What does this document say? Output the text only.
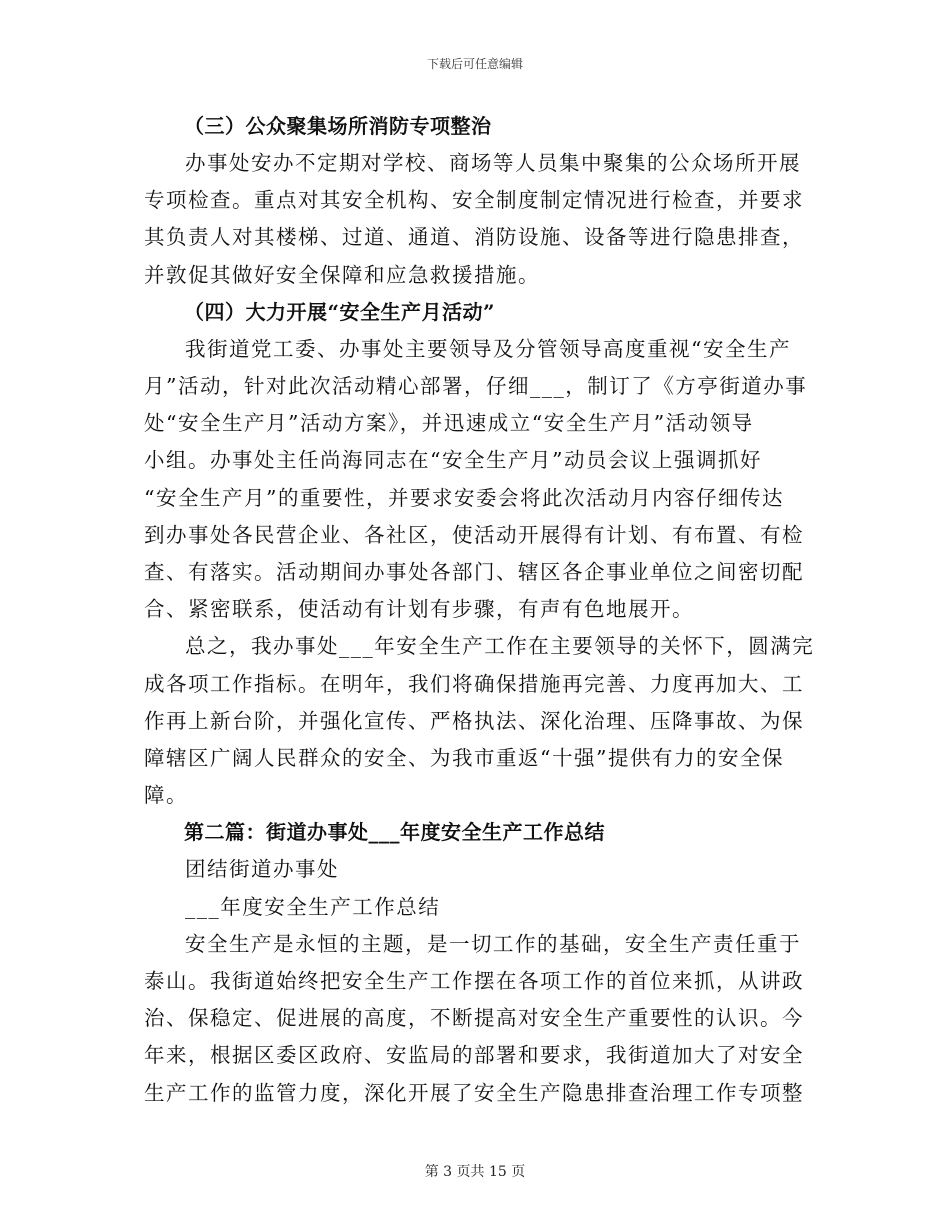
下载后可任意编辑
（三）公众聚集场所消防专项整治

办事处安办不定期对学校、商场等人员集中聚集的公众场所开展
专项检查。重点对其安全机构、安全制度制定情况进行检查，并要求
其负责人对其楼梯、过道、通道、消防设施、设备等进行隐患排查，
并敦促其做好安全保障和应急救援措施。

（四）大力开展“安全生产月活动”

我街道党工委、办事处主要领导及分管领导高度重视“安全生产
月”活动，针对此次活动精心部署，仔细___，制订了《方亭街道办事
处“安全生产月”活动方案》，并迅速成立“安全生产月”活动领导
小组。办事处主任尚海同志在“安全生产月”动员会议上强调抓好
“安全生产月”的重要性，并要求安委会将此次活动月内容仔细传达
到办事处各民营企业、各社区，使活动开展得有计划、有布置、有检
查、有落实。活动期间办事处各部门、辖区各企事业单位之间密切配
合、紧密联系，使活动有计划有步骤，有声有色地展开。

总之，我办事处___年安全生产工作在主要领导的关怀下，圆满完
成各项工作指标。在明年，我们将确保措施再完善、力度再加大、工
作再上新台阶，并强化宣传、严格执法、深化治理、压降事故、为保
障辖区广阔人民群众的安全、为我市重返“十强”提供有力的安全保
障。

第二篇：街道办事处___年度安全生产工作总结

团结街道办事处

___年度安全生产工作总结

安全生产是永恒的主题，是一切工作的基础，安全生产责任重于
泰山。我街道始终把安全生产工作摆在各项工作的首位来抓，从讲政
治、保稳定、促进展的高度，不断提高对安全生产重要性的认识。今
年来，根据区委区政府、安监局的部署和要求，我街道加大了对安全
生产工作的监管力度，深化开展了安全生产隐患排查治理工作专项整

第 3 页共 15 页
